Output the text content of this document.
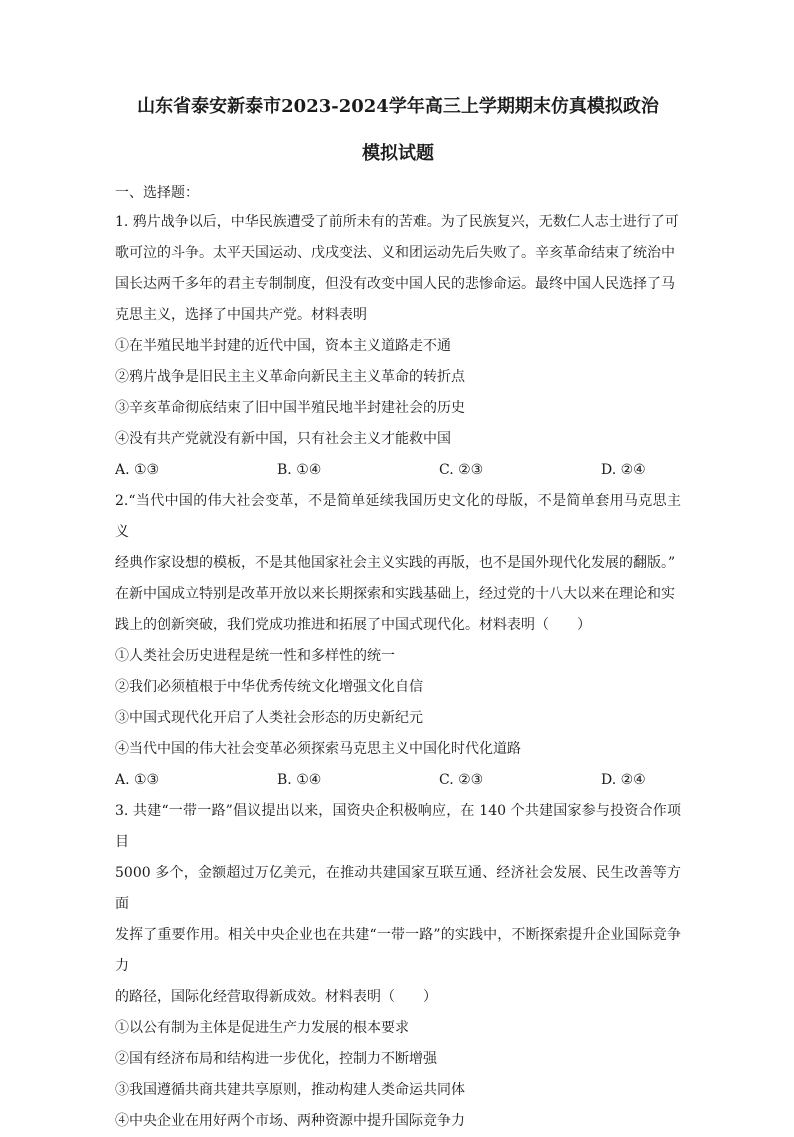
山东省泰安新泰市2023-2024学年高三上学期期末仿真模拟政治

模拟试题

一、选择题：

1. 鸦片战争以后，中华民族遭受了前所未有的苦难。为了民族复兴，无数仁人志士进行了可

歌可泣的斗争。太平天国运动、戊戌变法、义和团运动先后失败了。辛亥革命结束了统治中

国长达两千多年的君主专制制度，但没有改变中国人民的悲惨命运。最终中国人民选择了马

克思主义，选择了中国共产党。材料表明

①在半殖民地半封建的近代中国，资本主义道路走不通

②鸦片战争是旧民主主义革命向新民主主义革命的转折点

③辛亥革命彻底结束了旧中国半殖民地半封建社会的历史

④没有共产党就没有新中国，只有社会主义才能救中国

A. ①③	B. ①④	C. ②③	D. ②④

2.“当代中国的伟大社会变革，不是简单延续我国历史文化的母版，不是简单套用马克思主义

经典作家设想的模板，不是其他国家社会主义实践的再版，也不是国外现代化发展的翻版。”

在新中国成立特别是改革开放以来长期探索和实践基础上，经过党的十八大以来在理论和实

践上的创新突破，我们党成功推进和拓展了中国式现代化。材料表明（　　）

①人类社会历史进程是统一性和多样性的统一

②我们必须植根于中华优秀传统文化增强文化自信

③中国式现代化开启了人类社会形态的历史新纪元

④当代中国的伟大社会变革必须探索马克思主义中国化时代化道路

A. ①③	B. ①④	C. ②③	D. ②④

3. 共建“一带一路”倡议提出以来，国资央企积极响应，在 140 个共建国家参与投资合作项目

5000 多个，金额超过万亿美元，在推动共建国家互联互通、经济社会发展、民生改善等方面

发挥了重要作用。相关中央企业也在共建“一带一路”的实践中，不断探索提升企业国际竞争力

的路径，国际化经营取得新成效。材料表明（　　）

①以公有制为主体是促进生产力发展的根本要求

②国有经济布局和结构进一步优化，控制力不断增强

③我国遵循共商共建共享原则，推动构建人类命运共同体

④中央企业在用好两个市场、两种资源中提升国际竞争力
